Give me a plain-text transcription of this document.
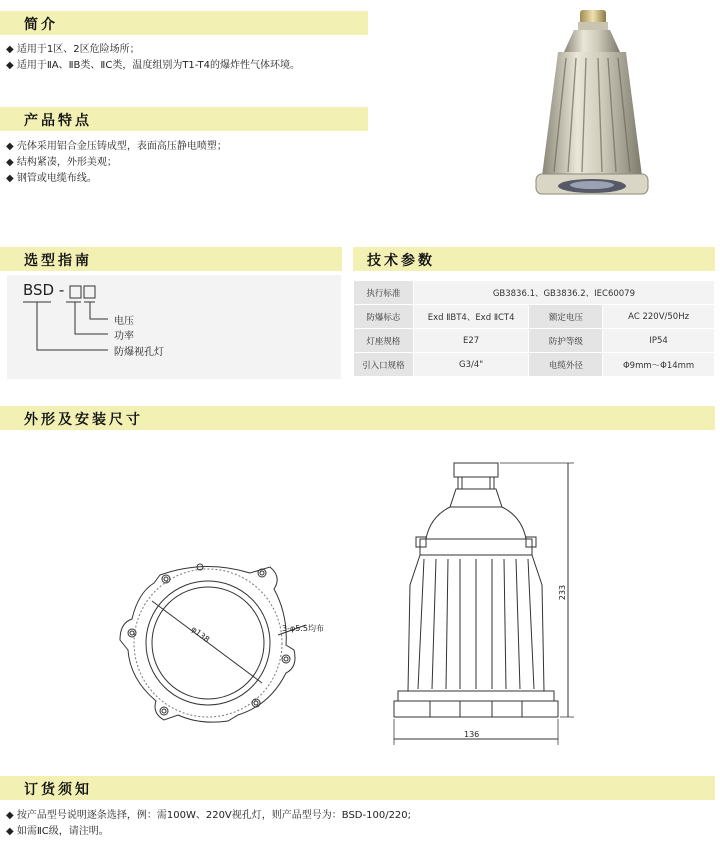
简介
◆ 适用于1区、2区危险场所；
◆ 适用于ⅡA、ⅡB类、ⅡC类，温度组别为T1-T4的爆炸性气体环境。
产品特点
◆ 壳体采用铝合金压铸成型，表面高压静电喷塑；
◆ 结构紧凑，外形美观；
◆ 钢管或电缆布线。
选型指南
BSD -
电压
功率
防爆视孔灯
技术参数
执行标准	GB3836.1、GB3836.2、IEC60079		
防爆标志	Exd ⅡBT4、Exd ⅡCT4	额定电压	AC 220V/50Hz
灯座规格	E27	防护等级	IP54
引入口规格	G3/4"	电缆外径	Φ9mm～Φ14mm
外形及安装尺寸
φ138	3-φ5.5均布
233
136
订货须知
◆ 按产品型号说明逐条选择，例：需100W、220V视孔灯，则产品型号为：BSD-100/220;
◆ 如需ⅡC级，请注明。
